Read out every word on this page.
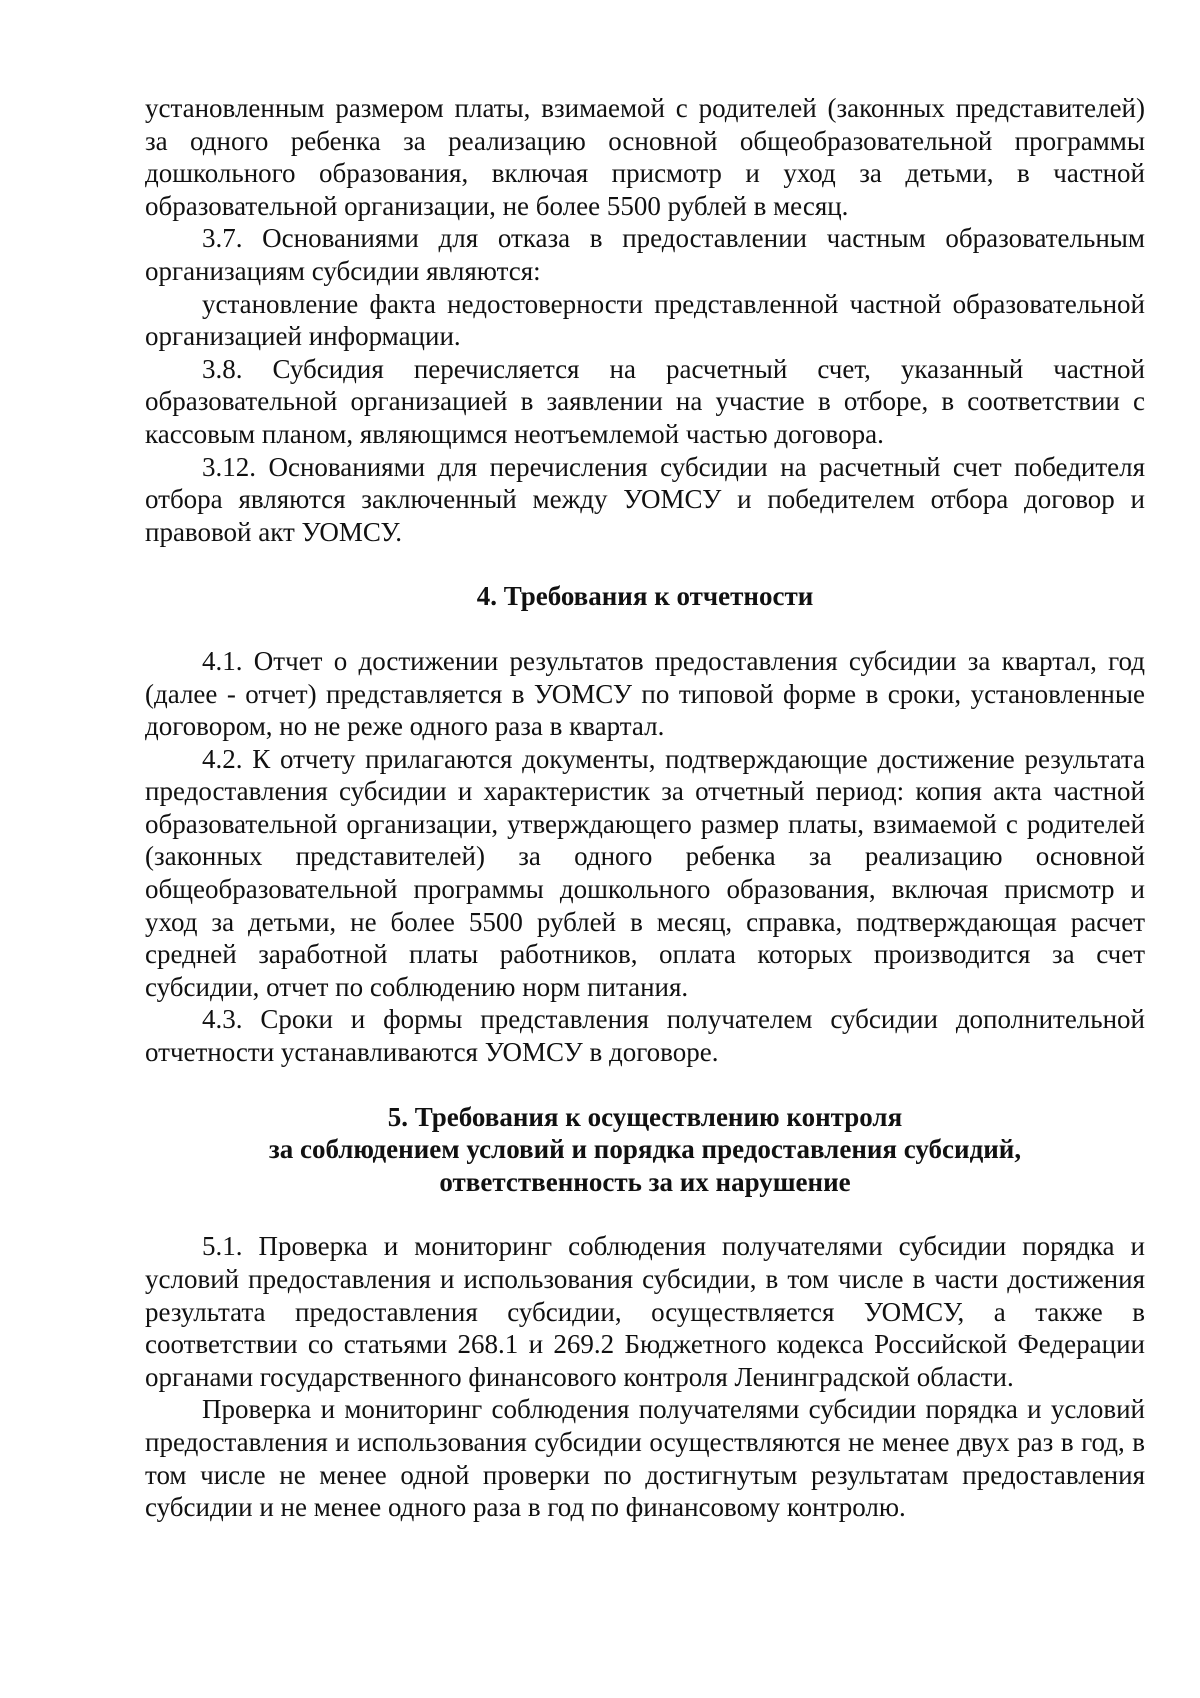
установленным размером платы, взимаемой с родителей (законных представителей) за одного ребенка за реализацию основной общеобразовательной программы дошкольного образования, включая присмотр и уход за детьми, в частной образовательной организации, не более 5500 рублей в месяц.

3.7. Основаниями для отказа в предоставлении частным образовательным организациям субсидии являются:

установление факта недостоверности представленной частной образовательной организацией информации.

3.8. Субсидия перечисляется на расчетный счет, указанный частной образовательной организацией в заявлении на участие в отборе, в соответствии с кассовым планом, являющимся неотъемлемой частью договора.

3.12. Основаниями для перечисления субсидии на расчетный счет победителя отбора являются заключенный между УОМСУ и победителем отбора договор и правовой акт УОМСУ.

4. Требования к отчетности

4.1. Отчет о достижении результатов предоставления субсидии за квартал, год (далее - отчет) представляется в УОМСУ по типовой форме в сроки, установленные договором, но не реже одного раза в квартал.

4.2. К отчету прилагаются документы, подтверждающие достижение результата предоставления субсидии и характеристик за отчетный период: копия акта частной образовательной организации, утверждающего размер платы, взимаемой с родителей (законных представителей) за одного ребенка за реализацию основной общеобразовательной программы дошкольного образования, включая присмотр и уход за детьми, не более 5500 рублей в месяц, справка, подтверждающая расчет средней заработной платы работников, оплата которых производится за счет субсидии, отчет по соблюдению норм питания.

4.3. Сроки и формы представления получателем субсидии дополнительной отчетности устанавливаются УОМСУ в договоре.

5. Требования к осуществлению контроля
за соблюдением условий и порядка предоставления субсидий,
ответственность за их нарушение

5.1. Проверка и мониторинг соблюдения получателями субсидии порядка и условий предоставления и использования субсидии, в том числе в части достижения результата предоставления субсидии, осуществляется УОМСУ, а также в соответствии со статьями 268.1 и 269.2 Бюджетного кодекса Российской Федерации органами государственного финансового контроля Ленинградской области.

Проверка и мониторинг соблюдения получателями субсидии порядка и условий предоставления и использования субсидии осуществляются не менее двух раз в год, в том числе не менее одной проверки по достигнутым результатам предоставления субсидии и не менее одного раза в год по финансовому контролю.
